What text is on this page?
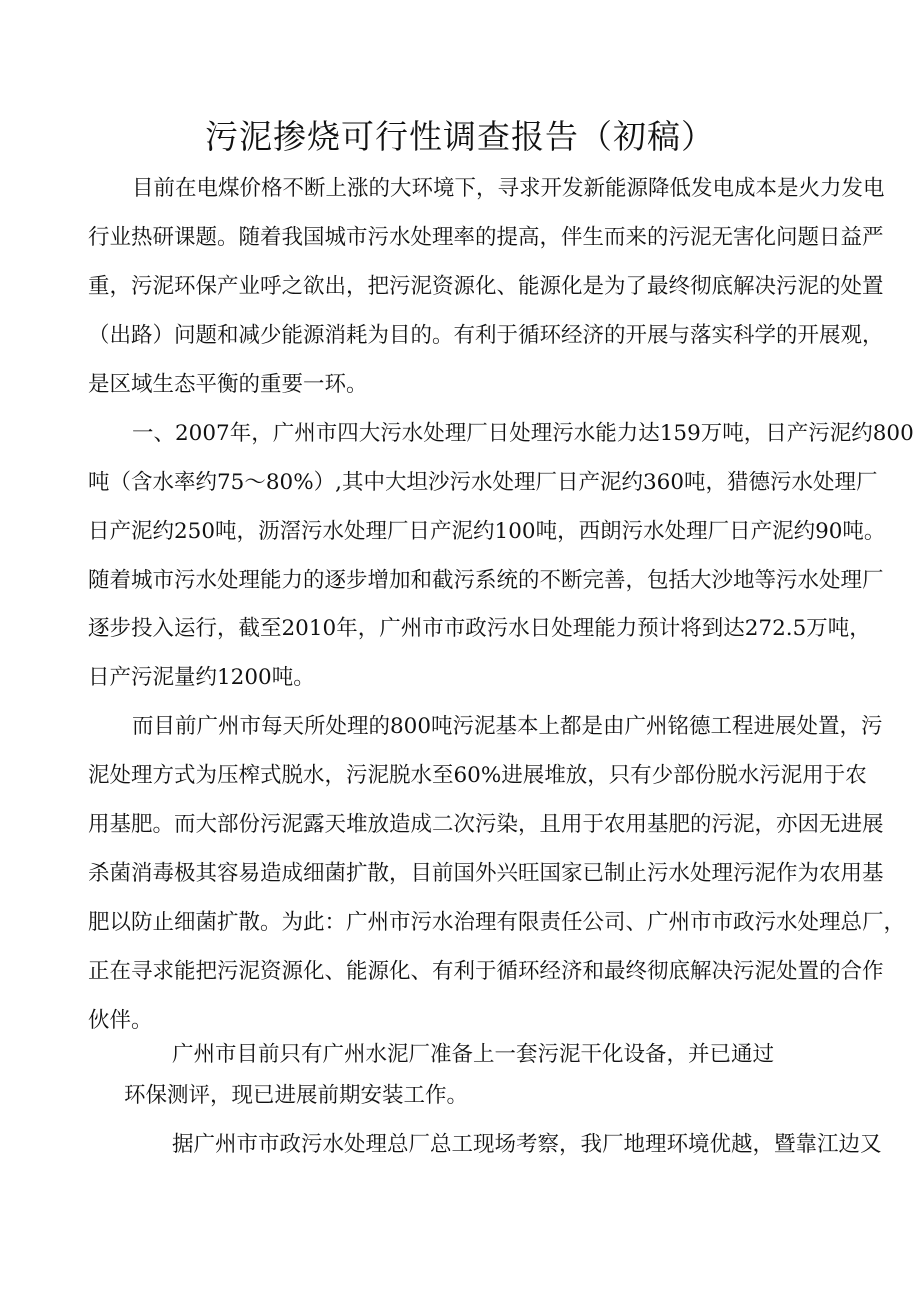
污泥掺烧可行性调查报告（初稿）
目前在电煤价格不断上涨的大环境下，寻求开发新能源降低发电成本是火力发电
行业热研课题。随着我国城市污水处理率的提高，伴生而来的污泥无害化问题日益严
重，污泥环保产业呼之欲出，把污泥资源化、能源化是为了最终彻底解决污泥的处置
（出路）问题和减少能源消耗为目的。有利于循环经济的开展与落实科学的开展观，
是区域生态平衡的重要一环。
一、2007年，广州市四大污水处理厂日处理污水能力达159万吨，日产污泥约800
吨（含水率约75～80%）,其中大坦沙污水处理厂日产泥约360吨，猎德污水处理厂
日产泥约250吨，沥滘污水处理厂日产泥约100吨，西朗污水处理厂日产泥约90吨。
随着城市污水处理能力的逐步增加和截污系统的不断完善，包括大沙地等污水处理厂
逐步投入运行，截至2010年，广州市市政污水日处理能力预计将到达272.5万吨，
日产污泥量约1200吨。
而目前广州市每天所处理的800吨污泥基本上都是由广州铭德工程进展处置，污
泥处理方式为压榨式脱水，污泥脱水至60%进展堆放，只有少部份脱水污泥用于农
用基肥。而大部份污泥露天堆放造成二次污染，且用于农用基肥的污泥，亦因无进展
杀菌消毒极其容易造成细菌扩散，目前国外兴旺国家已制止污水处理污泥作为农用基
肥以防止细菌扩散。为此：广州市污水治理有限责任公司、广州市市政污水处理总厂，
正在寻求能把污泥资源化、能源化、有利于循环经济和最终彻底解决污泥处置的合作
伙伴。
广州市目前只有广州水泥厂准备上一套污泥干化设备，并已通过
环保测评，现已进展前期安装工作。
据广州市市政污水处理总厂总工现场考察，我厂地理环境优越，暨靠江边又
